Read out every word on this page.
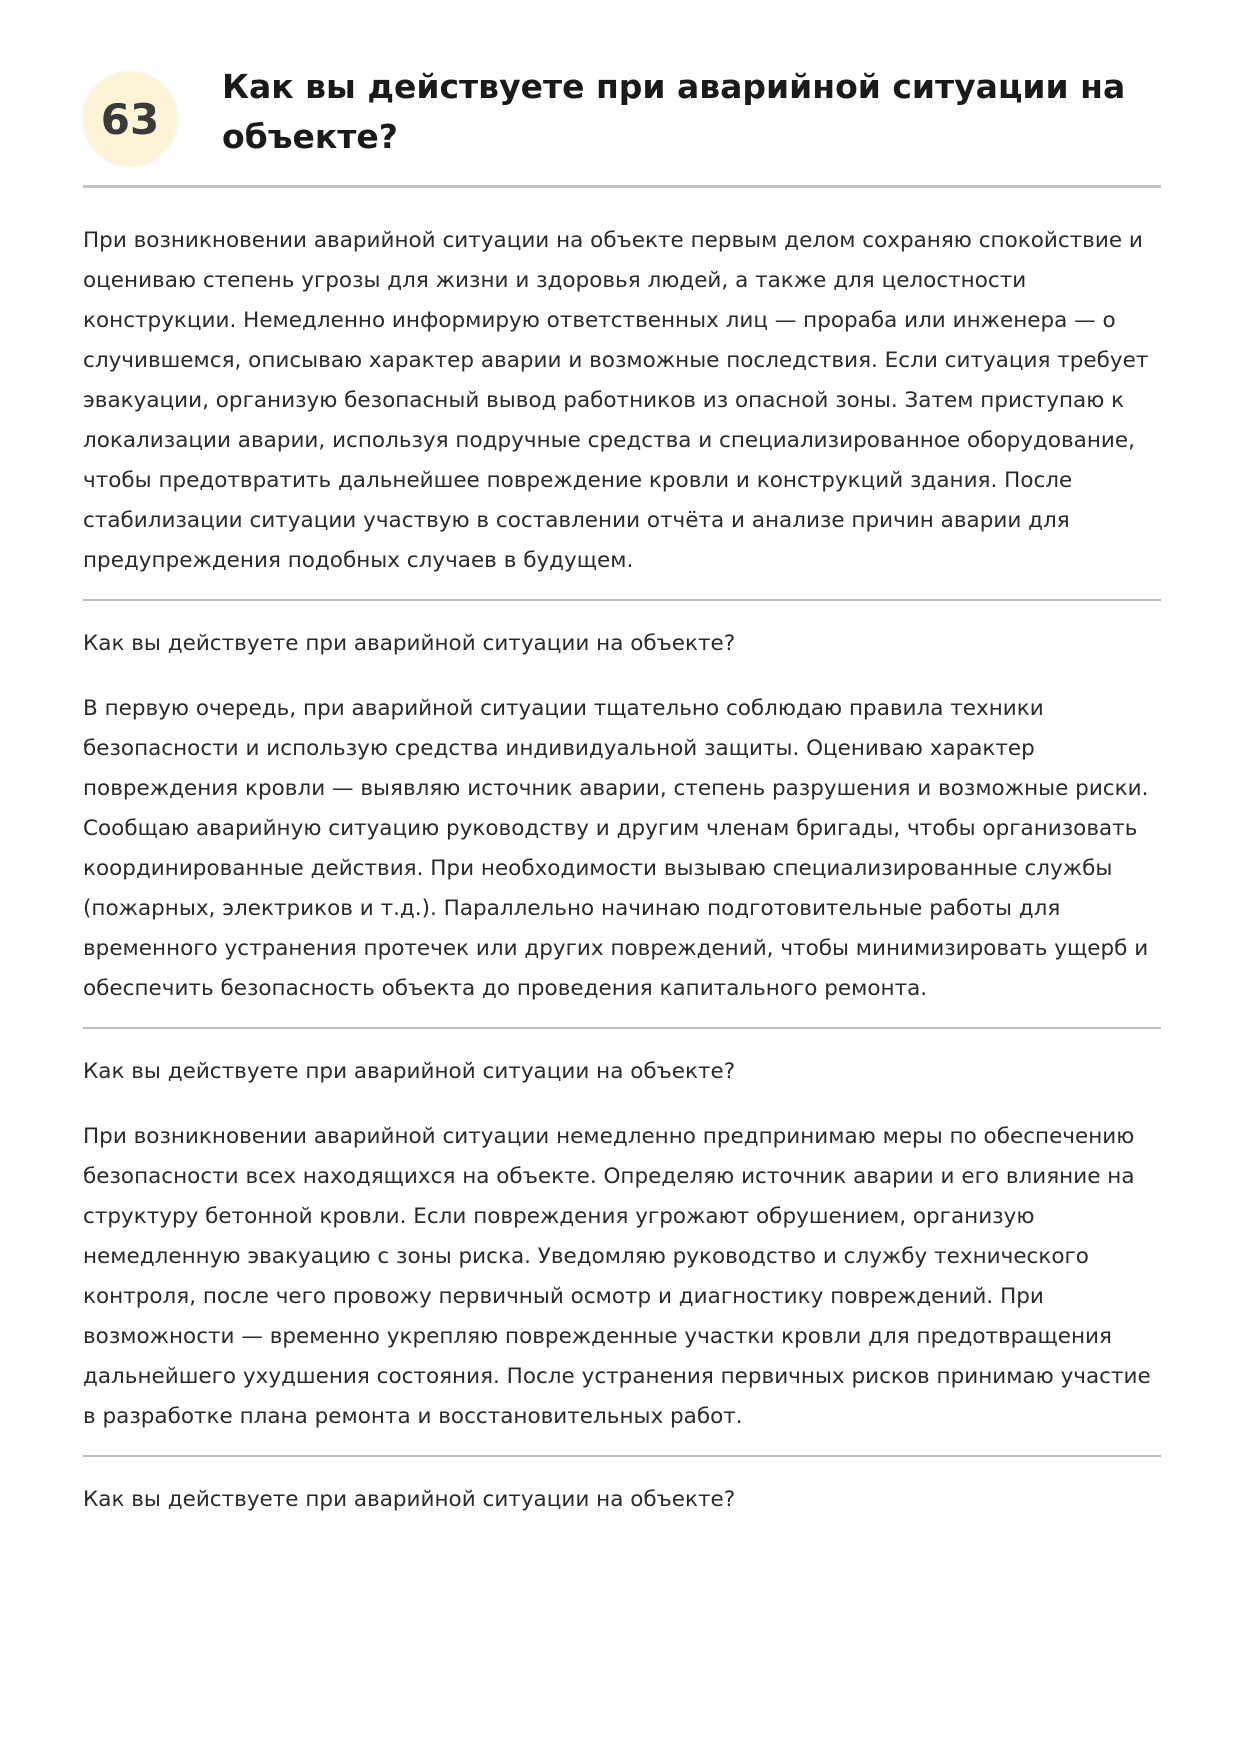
63
Как вы действуете при аварийной ситуации на объекте?

При возникновении аварийной ситуации на объекте первым делом сохраняю спокойствие и оцениваю степень угрозы для жизни и здоровья людей, а также для целостности конструкции. Немедленно информирую ответственных лиц — прораба или инженера — о случившемся, описываю характер аварии и возможные последствия. Если ситуация требует эвакуации, организую безопасный вывод работников из опасной зоны. Затем приступаю к локализации аварии, используя подручные средства и специализированное оборудование, чтобы предотвратить дальнейшее повреждение кровли и конструкций здания. После стабилизации ситуации участвую в составлении отчёта и анализе причин аварии для предупреждения подобных случаев в будущем.

Как вы действуете при аварийной ситуации на объекте?

В первую очередь, при аварийной ситуации тщательно соблюдаю правила техники безопасности и использую средства индивидуальной защиты. Оцениваю характер повреждения кровли — выявляю источник аварии, степень разрушения и возможные риски. Сообщаю аварийную ситуацию руководству и другим членам бригады, чтобы организовать координированные действия. При необходимости вызываю специализированные службы (пожарных, электриков и т.д.). Параллельно начинаю подготовительные работы для временного устранения протечек или других повреждений, чтобы минимизировать ущерб и обеспечить безопасность объекта до проведения капитального ремонта.

Как вы действуете при аварийной ситуации на объекте?

При возникновении аварийной ситуации немедленно предпринимаю меры по обеспечению безопасности всех находящихся на объекте. Определяю источник аварии и его влияние на структуру бетонной кровли. Если повреждения угрожают обрушением, организую немедленную эвакуацию с зоны риска. Уведомляю руководство и службу технического контроля, после чего провожу первичный осмотр и диагностику повреждений. При возможности — временно укрепляю поврежденные участки кровли для предотвращения дальнейшего ухудшения состояния. После устранения первичных рисков принимаю участие в разработке плана ремонта и восстановительных работ.

Как вы действуете при аварийной ситуации на объекте?
